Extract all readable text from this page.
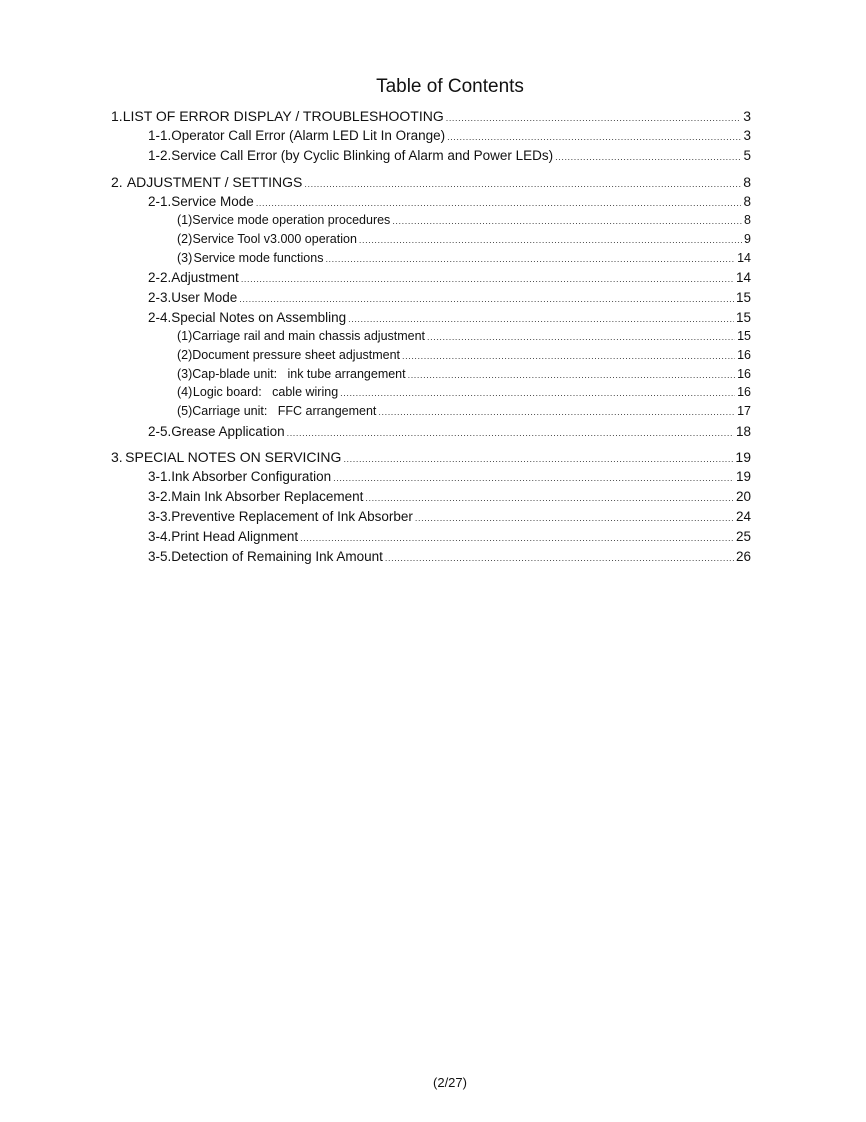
Table of Contents
1. LIST OF ERROR DISPLAY / TROUBLESHOOTING .....	3
1-1. Operator Call Error (Alarm LED Lit In Orange) .....	3
1-2. Service Call Error (by Cyclic Blinking of Alarm and Power LEDs) .....	5
2. ADJUSTMENT / SETTINGS .....	8
2-1. Service Mode .....	8
(1) Service mode operation procedures .....	8
(2) Service Tool v3.000 operation .....	9
(3) Service mode functions .....	14
2-2. Adjustment .....	14
2-3. User Mode .....	15
2-4. Special Notes on Assembling .....	15
(1) Carriage rail and main chassis adjustment .....	15
(2) Document pressure sheet adjustment .....	16
(3) Cap-blade unit:   ink tube arrangement .....	16
(4) Logic board:   cable wiring .....	16
(5) Carriage unit:   FFC arrangement .....	17
2-5. Grease Application .....	18
3. SPECIAL NOTES ON SERVICING .....	19
3-1. Ink Absorber Configuration .....	19
3-2. Main Ink Absorber Replacement .....	20
3-3. Preventive Replacement of Ink Absorber .....	24
3-4. Print Head Alignment .....	25
3-5. Detection of Remaining Ink Amount .....	26
(2/27)
